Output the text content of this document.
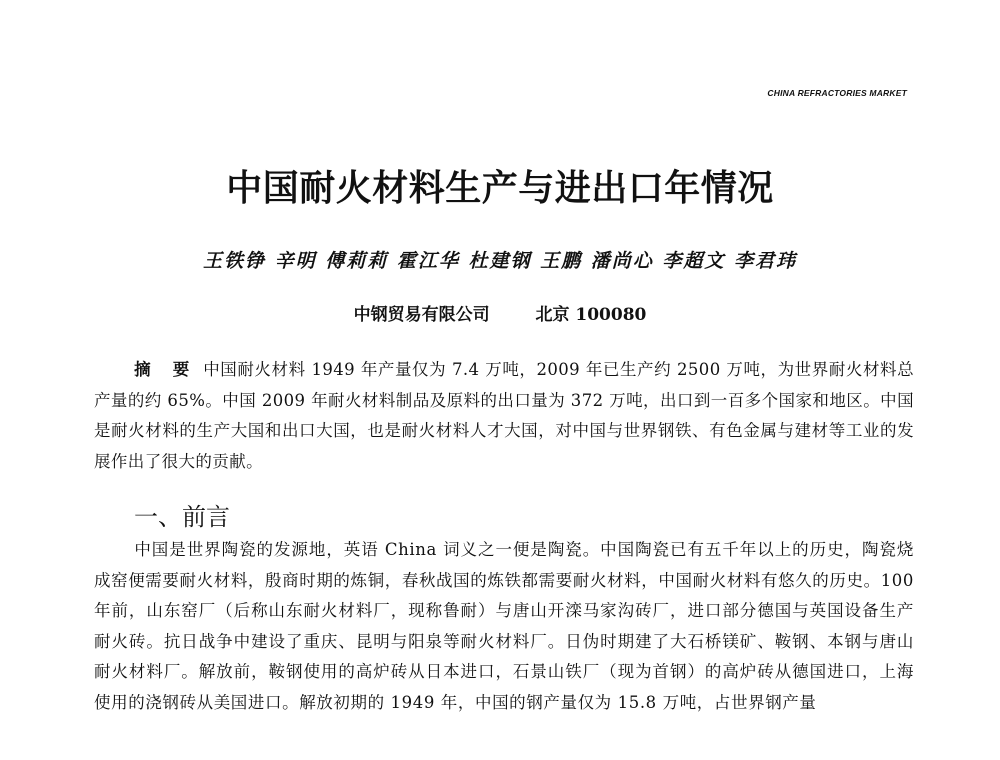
CHINA REFRACTORIES MARKET
中国耐火材料生产与进出口年情况
王铁铮 辛明 傅莉莉 霍江华 杜建钢 王鹏 潘尚心 李超文 李君玮
中钢贸易有限公司	北京 100080
摘 要 中国耐火材料 1949 年产量仅为 7.4 万吨，2009 年已生产约 2500 万吨，为世界耐火材料总产量的约 65%。中国 2009 年耐火材料制品及原料的出口量为 372 万吨，出口到一百多个国家和地区。中国是耐火材料的生产大国和出口大国，也是耐火材料人才大国，对中国与世界钢铁、有色金属与建材等工业的发展作出了很大的贡献。
一、前言
中国是世界陶瓷的发源地，英语 China 词义之一便是陶瓷。中国陶瓷已有五千年以上的历史，陶瓷烧成窑便需要耐火材料，殷商时期的炼铜，春秋战国的炼铁都需要耐火材料，中国耐火材料有悠久的历史。100 年前，山东窑厂（后称山东耐火材料厂，现称鲁耐）与唐山开滦马家沟砖厂，进口部分德国与英国设备生产耐火砖。抗日战争中建设了重庆、昆明与阳泉等耐火材料厂。日伪时期建了大石桥镁矿、鞍钢、本钢与唐山耐火材料厂。解放前，鞍钢使用的高炉砖从日本进口，石景山铁厂（现为首钢）的高炉砖从德国进口，上海使用的浇钢砖从美国进口。解放初期的 1949 年，中国的钢产量仅为 15.8 万吨，占世界钢产量
